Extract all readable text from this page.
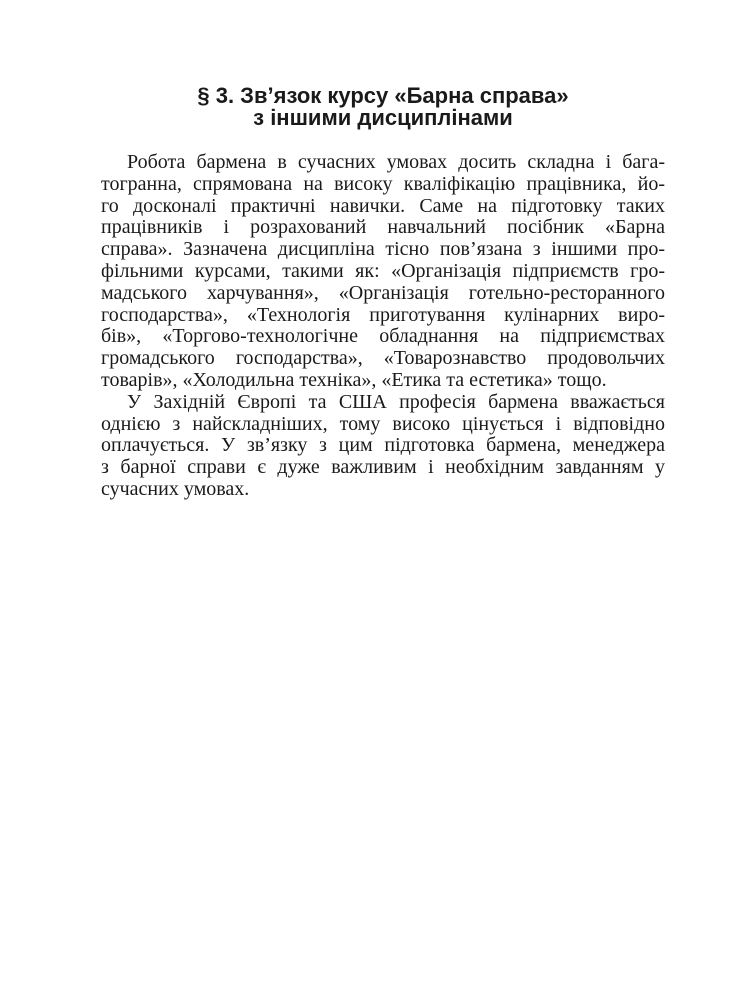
§ 3. Зв’язок курсу «Барна справа»
з іншими дисциплінами
Робота бармена в сучасних умовах досить складна і бага-
тогранна, спрямована на високу кваліфікацію працівника, йо-
го досконалі практичні навички. Саме на підготовку таких
працівників і розрахований навчальний посібник «Барна
справа». Зазначена дисципліна тісно пов’язана з іншими про-
фільними курсами, такими як: «Організація підприємств гро-
мадського харчування», «Організація готельно-ресторанного
господарства», «Технологія приготування кулінарних виро-
бів», «Торгово-технологічне обладнання на підприємствах
громадського господарства», «Товарознавство продовольчих
товарів», «Холодильна техніка», «Етика та естетика» тощо.
У Західній Європі та США професія бармена вважається
однією з найскладніших, тому високо цінується і відповідно
оплачується. У зв’язку з цим підготовка бармена, менеджера
з барної справи є дуже важливим і необхідним завданням у
сучасних умовах.
